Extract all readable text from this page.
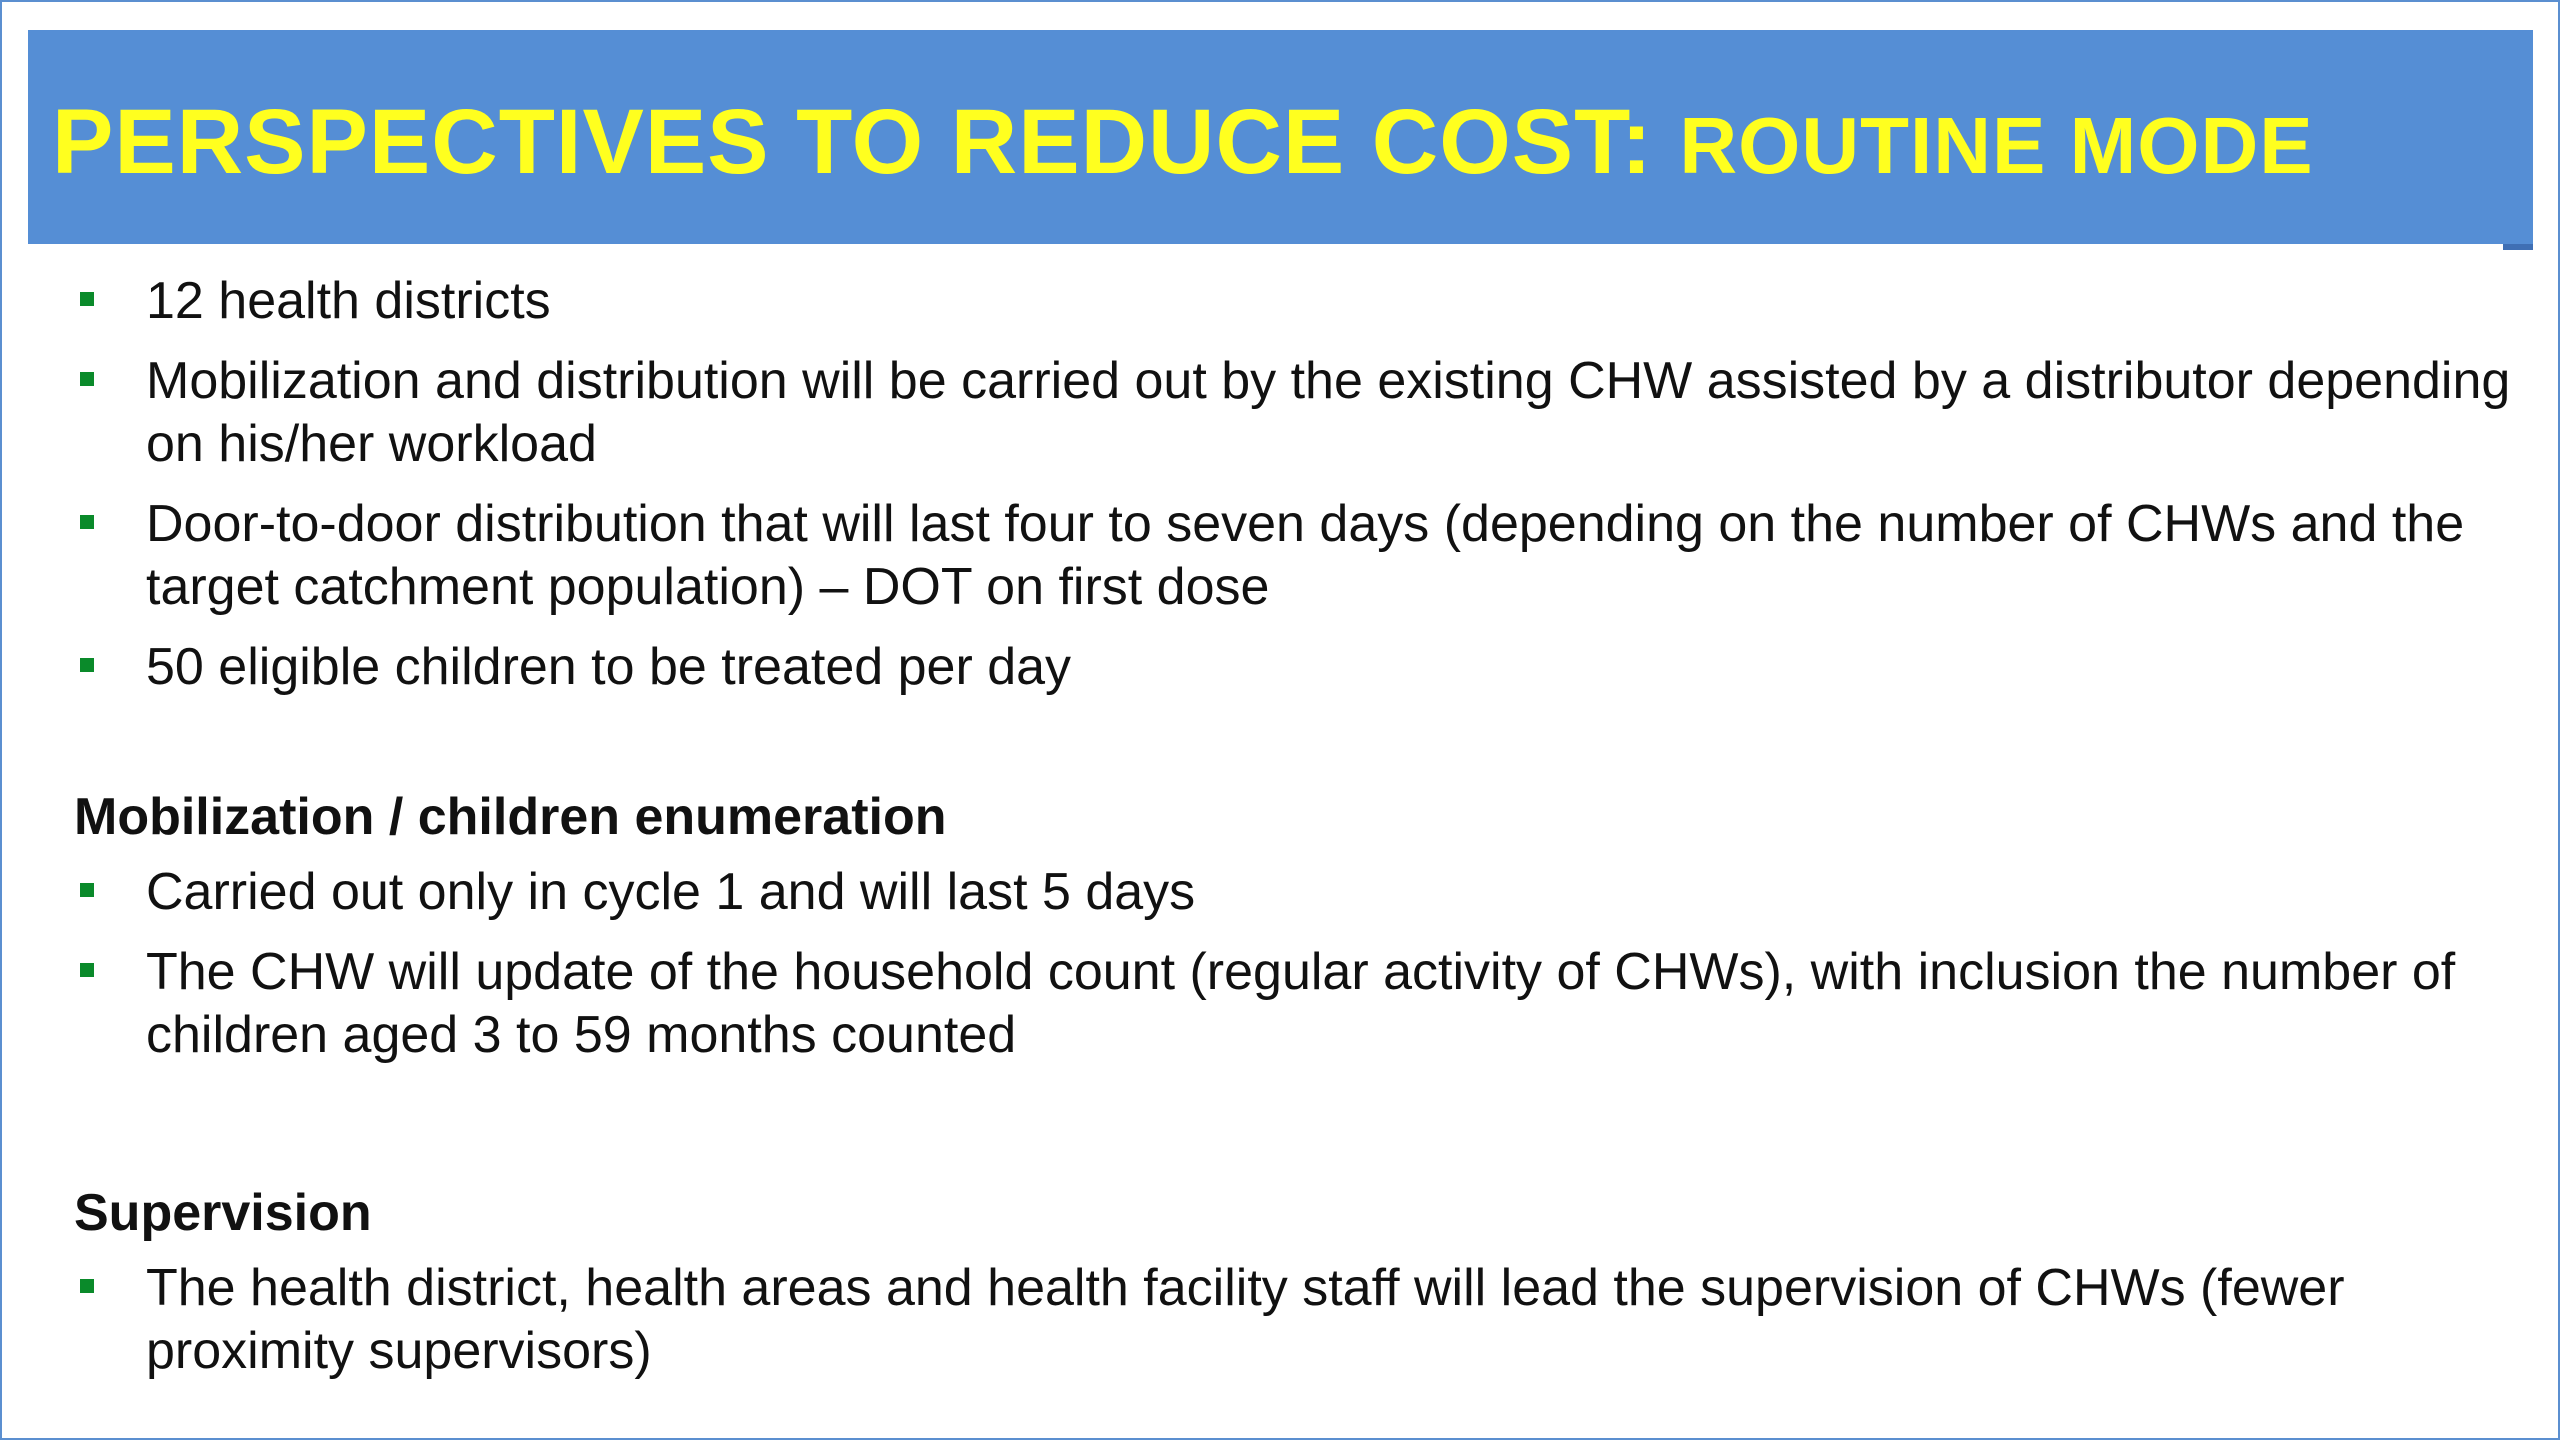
PERSPECTIVES TO REDUCE COST: ROUTINE MODE
12 health districts
Mobilization and distribution will be carried out by the existing CHW assisted by a distributor depending on his/her workload
Door-to-door distribution that will last four to seven days (depending on the number of CHWs and the target catchment population) – DOT on first dose
50 eligible children to be treated per day
Mobilization / children enumeration
Carried out only in cycle 1 and will last 5 days
The CHW will update of the household count (regular activity of CHWs), with inclusion the number of children aged 3 to 59 months counted
Supervision
The health district, health areas and health facility staff will lead the supervision of CHWs (fewer proximity supervisors)
